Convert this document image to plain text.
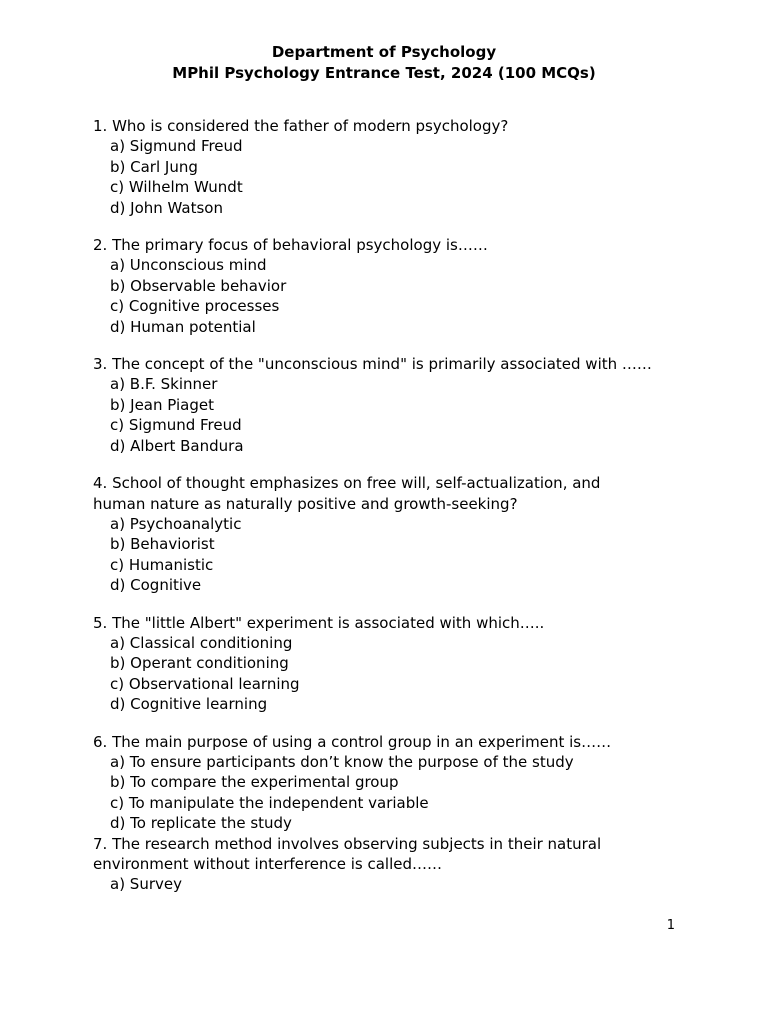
Department of Psychology
MPhil Psychology Entrance Test, 2024 (100 MCQs)
1. Who is considered the father of modern psychology?
a) Sigmund Freud
b) Carl Jung
c) Wilhelm Wundt
d) John Watson
2. The primary focus of behavioral psychology is……
a) Unconscious mind
b) Observable behavior
c) Cognitive processes
d) Human potential
3. The concept of the "unconscious mind" is primarily associated with ……
a) B.F. Skinner
b) Jean Piaget
c) Sigmund Freud
d) Albert Bandura
4. School of thought emphasizes on free will, self-actualization, and
human nature as naturally positive and growth-seeking?
a) Psychoanalytic
b) Behaviorist
c) Humanistic
d) Cognitive
5. The "little Albert" experiment is associated with which…..
a) Classical conditioning
b) Operant conditioning
c) Observational learning
d) Cognitive learning
6. The main purpose of using a control group in an experiment is……
a) To ensure participants don’t know the purpose of the study
b) To compare the experimental group
c) To manipulate the independent variable
d) To replicate the study
7. The research method involves observing subjects in their natural
environment without interference is called……
a) Survey
1
